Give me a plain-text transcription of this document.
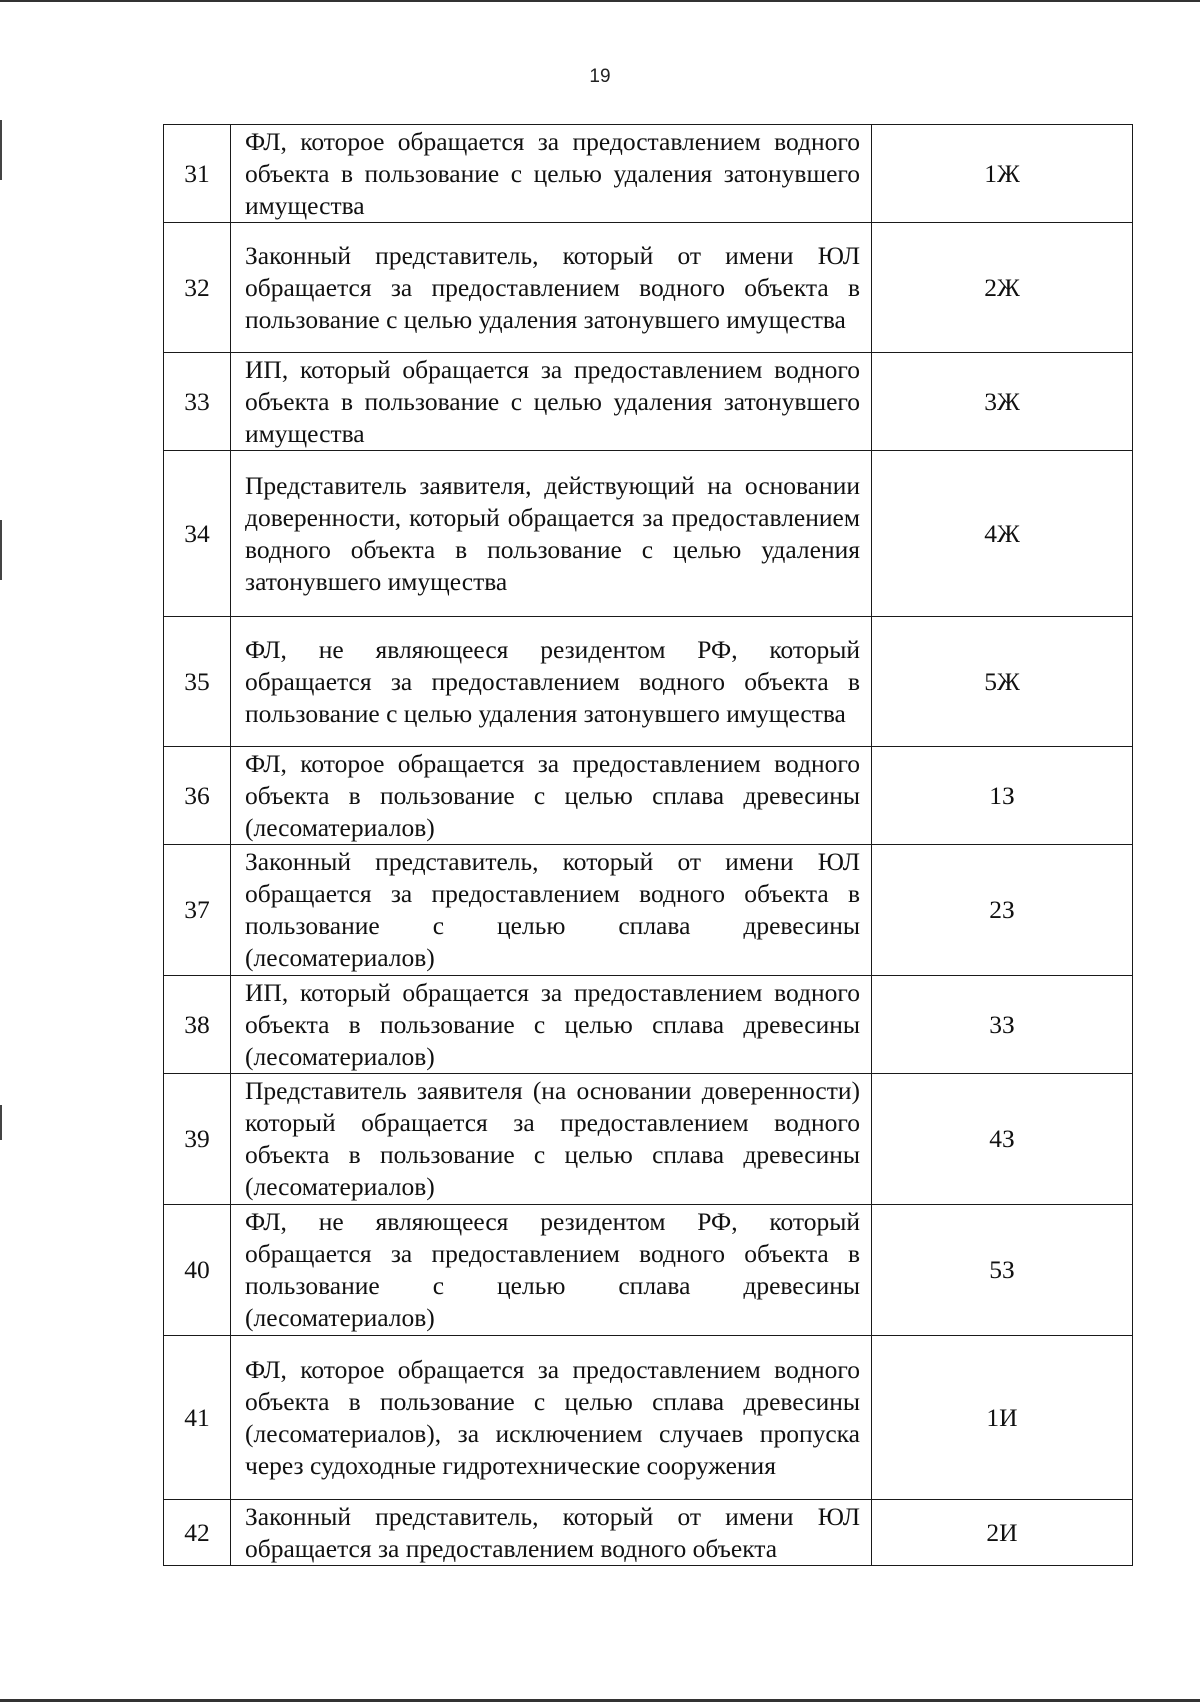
19
31	ФЛ, которое обращается за предоставлением водного объекта в пользование с целью удаления затонувшего имущества	1Ж
32	Законный представитель, который от имени ЮЛ обращается за предоставлением водного объекта в пользование с целью удаления затонувшего имущества	2Ж
33	ИП, который обращается за предоставлением водного объекта в пользование с целью удаления затонувшего имущества	3Ж
34	Представитель заявителя, действующий на основании доверенности, который обращается за предоставлением водного объекта в пользование с целью удаления затонувшего имущества	4Ж
35	ФЛ, не являющееся резидентом РФ, который обращается за предоставлением водного объекта в пользование с целью удаления затонувшего имущества	5Ж
36	ФЛ, которое обращается за предоставлением водного объекта в пользование с целью сплава древесины (лесоматериалов)	1З
37	Законный представитель, который от имени ЮЛ обращается за предоставлением водного объекта в пользование с целью сплава древесины (лесоматериалов)	2З
38	ИП, который обращается за предоставлением водного объекта в пользование с целью сплава древесины (лесоматериалов)	3З
39	Представитель заявителя (на основании доверенности) который обращается за предоставлением водного объекта в пользование с целью сплава древесины (лесоматериалов)	4З
40	ФЛ, не являющееся резидентом РФ, который обращается за предоставлением водного объекта в пользование с целью сплава древесины (лесоматериалов)	5З
41	ФЛ, которое обращается за предоставлением водного объекта в пользование с целью сплава древесины (лесоматериалов), за исключением случаев пропуска через судоходные гидротехнические сооружения	1И
42	Законный представитель, который от имени ЮЛ обращается за предоставлением водного объекта	2И
